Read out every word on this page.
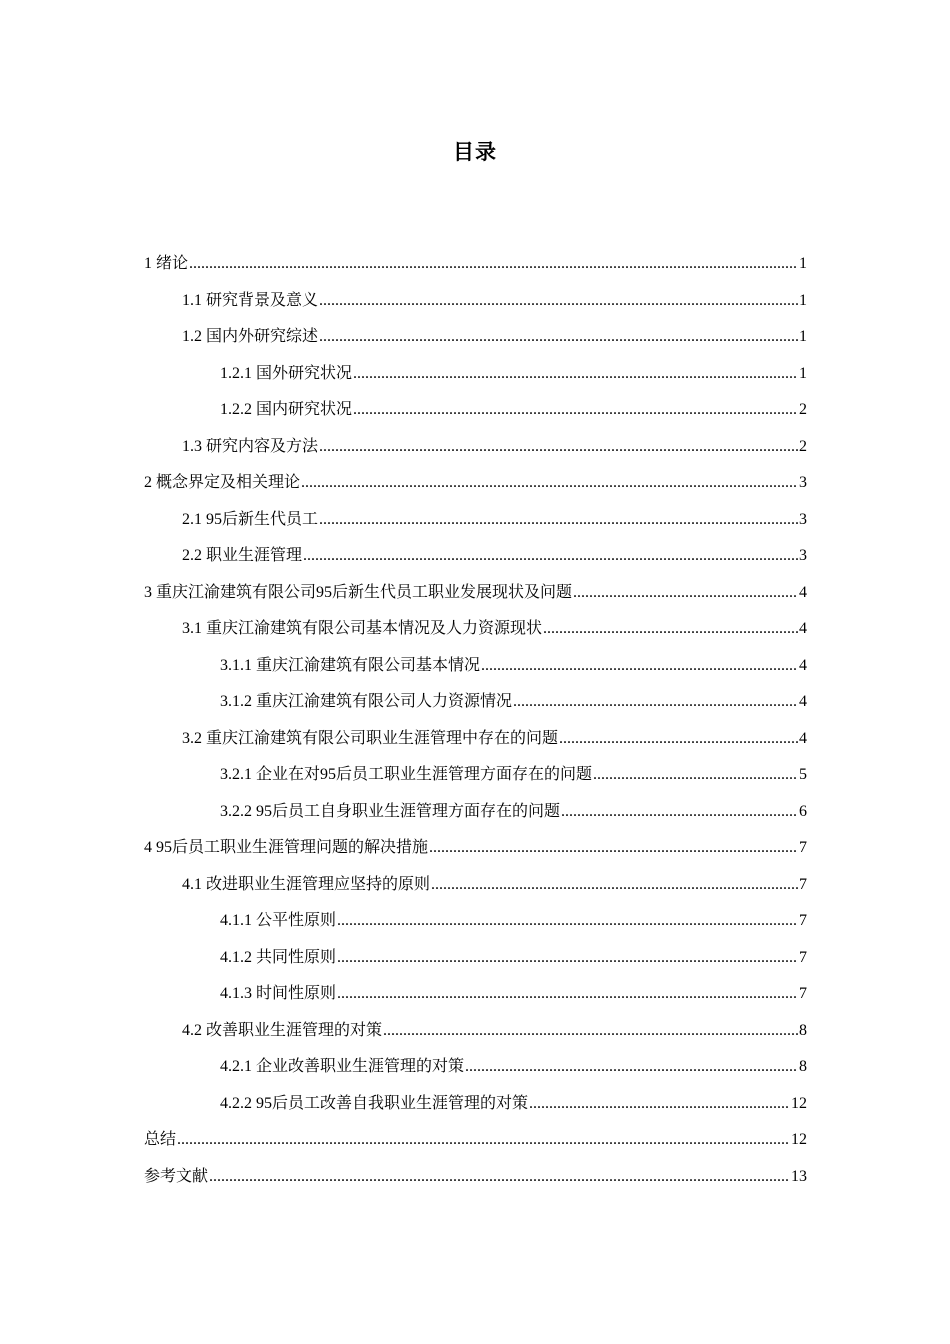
目录
1 绪论 .....	1
1.1 研究背景及意义 .....	1
1.2 国内外研究综述 .....	1
1.2.1 国外研究状况 .....	1
1.2.2 国内研究状况 .....	2
1.3 研究内容及方法 .....	2
2 概念界定及相关理论 .....	3
2.1 95后新生代员工 .....	3
2.2 职业生涯管理 .....	3
3 重庆江渝建筑有限公司95后新生代员工职业发展现状及问题 .....	4
3.1 重庆江渝建筑有限公司基本情况及人力资源现状 .....	4
3.1.1 重庆江渝建筑有限公司基本情况 .....	4
3.1.2 重庆江渝建筑有限公司人力资源情况 .....	4
3.2 重庆江渝建筑有限公司职业生涯管理中存在的问题 .....	4
3.2.1 企业在对95后员工职业生涯管理方面存在的问题 .....	5
3.2.2 95后员工自身职业生涯管理方面存在的问题 .....	6
4 95后员工职业生涯管理问题的解决措施 .....	7
4.1 改进职业生涯管理应坚持的原则 .....	7
4.1.1 公平性原则 .....	7
4.1.2 共同性原则 .....	7
4.1.3 时间性原则 .....	7
4.2 改善职业生涯管理的对策 .....	8
4.2.1 企业改善职业生涯管理的对策 .....	8
4.2.2 95后员工改善自我职业生涯管理的对策 .....	12
总结 .....	12
参考文献 .....	13
